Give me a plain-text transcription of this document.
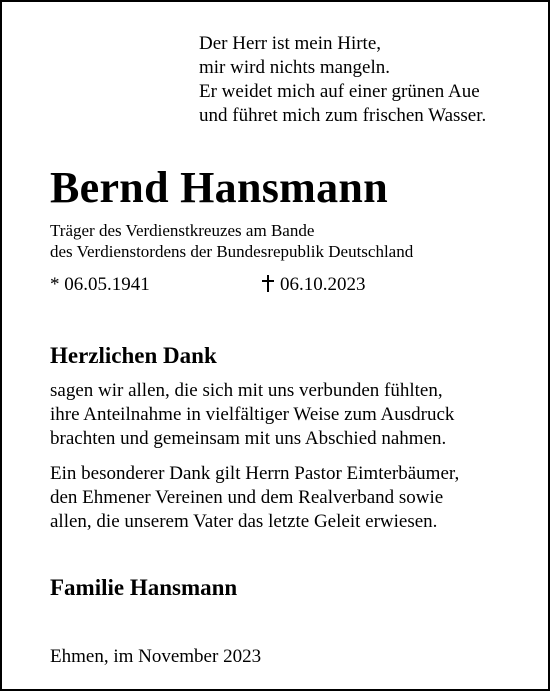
Der Herr ist mein Hirte,
mir wird nichts mangeln.
Er weidet mich auf einer grünen Aue
und führet mich zum frischen Wasser.
Bernd Hansmann
Träger des Verdienstkreuzes am Bande
des Verdienstordens der Bundesrepublik Deutschland
* 06.05.1941	06.10.2023
Herzlichen Dank
sagen wir allen, die sich mit uns verbunden fühlten,
ihre Anteilnahme in vielfältiger Weise zum Ausdruck
brachten und gemeinsam mit uns Abschied nahmen.
Ein besonderer Dank gilt Herrn Pastor Eimterbäumer,
den Ehmener Vereinen und dem Realverband sowie
allen, die unserem Vater das letzte Geleit erwiesen.
Familie Hansmann
Ehmen, im November 2023
